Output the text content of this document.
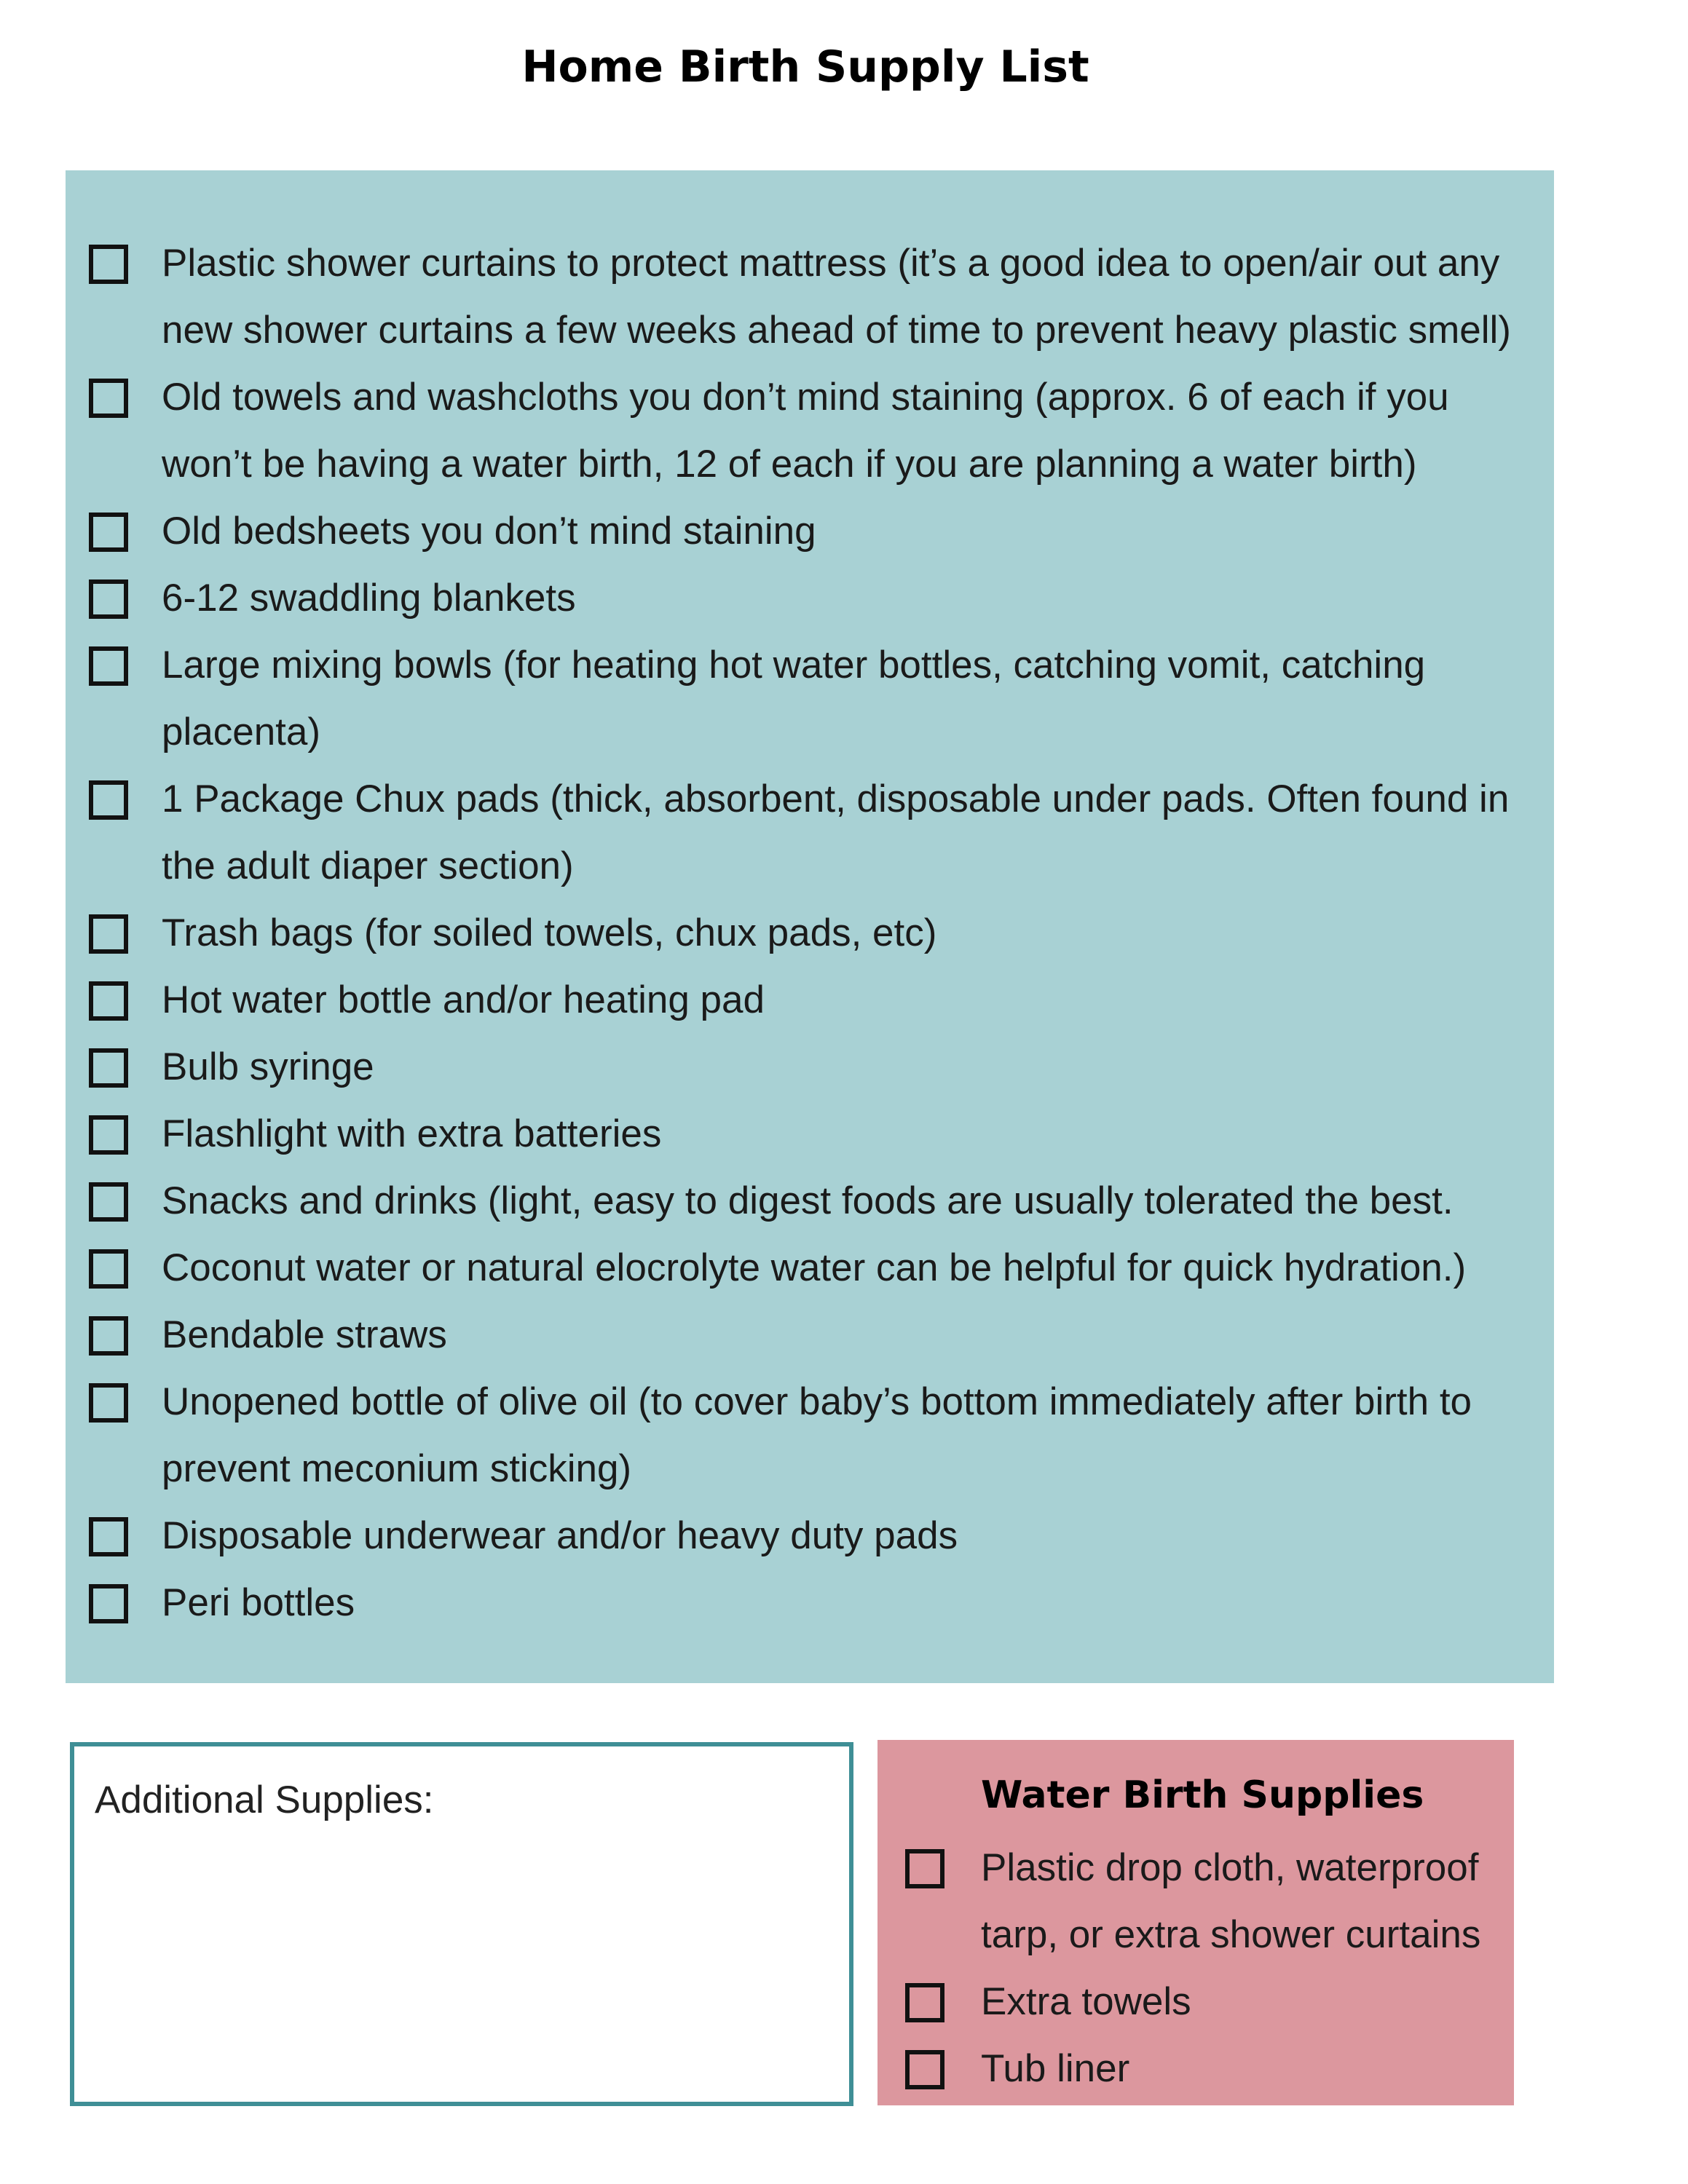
Home Birth Supply List
Plastic shower curtains to protect mattress (it’s a good idea to open/air out any new shower curtains a few weeks ahead of time to prevent heavy plastic smell)
Old towels and washcloths you don’t mind staining (approx. 6 of each if you won’t be having a water birth, 12 of each if you are planning a water birth)
Old bedsheets you don’t mind staining
6-12 swaddling blankets
Large mixing bowls (for heating hot water bottles, catching vomit, catching placenta)
1 Package Chux pads (thick, absorbent, disposable under pads. Often found in the adult diaper section)
Trash bags (for soiled towels, chux pads, etc)
Hot water bottle and/or heating pad
Bulb syringe
Flashlight with extra batteries
Snacks and drinks (light, easy to digest foods are usually tolerated the best.
Coconut water or natural elocrolyte water can be helpful for quick hydration.)
Bendable straws
Unopened bottle of olive oil (to cover baby’s bottom immediately after birth to prevent meconium sticking)
Disposable underwear and/or heavy duty pads
Peri bottles
Additional Supplies:	Water Birth Supplies
Plastic drop cloth, waterproof tarp, or extra shower curtains
Extra towels
Tub liner
